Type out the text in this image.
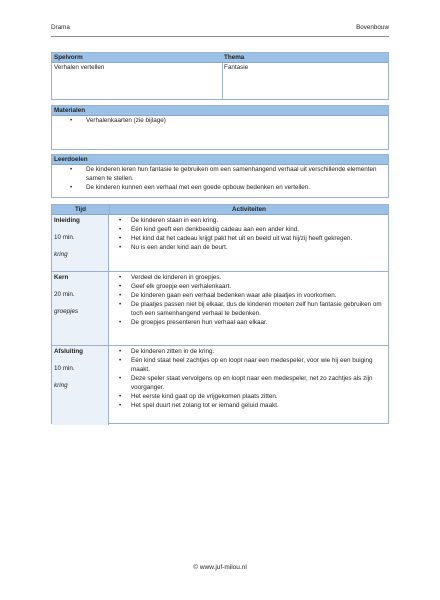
Drama	Bovenbouw
Spelvorm
Verhalen vertellen
Thema
Fantasie
Materialen
• Verhalenkaarten (zie bijlage)
Leerdoelen
• De kinderen leren hun fantasie te gebruiken om een samenhangend verhaal uit verschillende elementen samen te stellen.
• De kinderen kunnen een verhaal met een goede opbouw bedenken en vertellen.
Tijd	Activiteiten
Inleiding
10 min.
kring
• De kinderen staan in een kring.
• Eén kind geeft een denkbeeldig cadeau aan een ander kind.
• Het kind dat het cadeau krijgt pakt het uit en beeld uit wat hij/zij heeft gekregen.
• Nu is een ander kind aan de beurt.
Kern
20 min.
groepjes
• Verdeel de kinderen in groepjes.
• Geef elk groepje een verhalenkaart.
• De kinderen gaan een verhaal bedenken waar alle plaatjes in voorkomen.
• De plaatjes passen niet bij elkaar, dus de kinderen moeten zelf hun fantasie gebruiken om toch een samenhangend verhaal te bedenken.
• De groepjes presenteren hun verhaal aan elkaar.
Afsluiting
10 min.
kring
• De kinderen zitten in de kring.
• Eén kind staat heel zachtjes op en loopt naar een medespeler, voor wie hij een buiging maakt.
• Deze speler staat vervolgens op en loopt naar een medespeler, net zo zachtjes als zijn voorganger.
• Het eerste kind gaat op de vrijgekomen plaats zitten.
• Het spel duurt net zolang tot er iemand geluid maakt.
© www.juf-milou.nl
